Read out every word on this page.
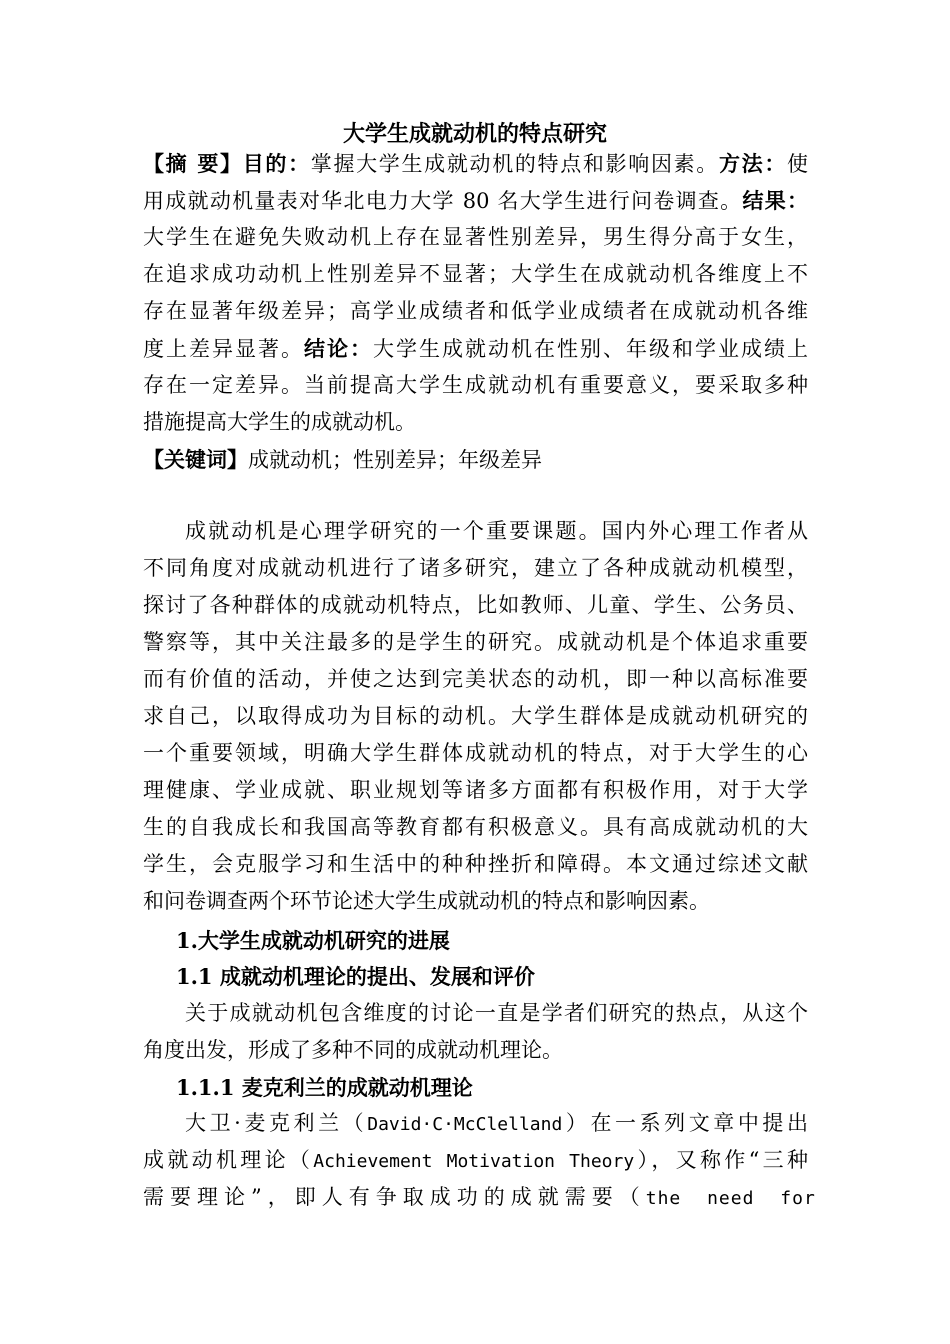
大学生成就动机的特点研究
【摘 要】目的：掌握大学生成就动机的特点和影响因素。方法：使
用成就动机量表对华北电力大学 80 名大学生进行问卷调查。结果：
大学生在避免失败动机上存在显著性别差异，男生得分高于女生，
在追求成功动机上性别差异不显著；大学生在成就动机各维度上不
存在显著年级差异；高学业成绩者和低学业成绩者在成就动机各维
度上差异显著。结论：大学生成就动机在性别、年级和学业成绩上
存在一定差异。当前提高大学生成就动机有重要意义，要采取多种
措施提高大学生的成就动机。
【关键词】成就动机；性别差异；年级差异
成就动机是心理学研究的一个重要课题。国内外心理工作者从
不同角度对成就动机进行了诸多研究，建立了各种成就动机模型，
探讨了各种群体的成就动机特点，比如教师、儿童、学生、公务员、
警察等，其中关注最多的是学生的研究。成就动机是个体追求重要
而有价值的活动，并使之达到完美状态的动机，即一种以高标准要
求自己，以取得成功为目标的动机。大学生群体是成就动机研究的
一个重要领域，明确大学生群体成就动机的特点，对于大学生的心
理健康、学业成就、职业规划等诸多方面都有积极作用，对于大学
生的自我成长和我国高等教育都有积极意义。具有高成就动机的大
学生，会克服学习和生活中的种种挫折和障碍。本文通过综述文献
和问卷调查两个环节论述大学生成就动机的特点和影响因素。
1.大学生成就动机研究的进展
1.1 成就动机理论的提出、发展和评价
关于成就动机包含维度的讨论一直是学者们研究的热点，从这个
角度出发，形成了多种不同的成就动机理论。
1.1.1 麦克利兰的成就动机理论
大卫·麦克利兰（David·C·McClelland）在一系列文章中提出
成就动机理论（Achievement Motivation Theory），又称作“三种
需要理论”，即人有争取成功的成就需要（the need for
